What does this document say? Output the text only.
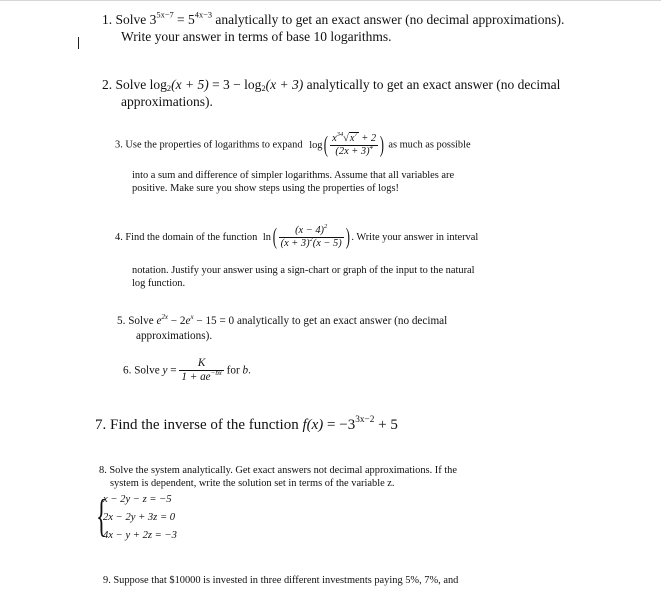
1. Solve $3^{5x-7} = 5^{4x-3}$ analytically to get an exact answer (no decimal approximations).
Write your answer in terms of base 10 logarithms.
2. Solve $\log_2(x + 5) = 3 - \log_2(x + 3)$ analytically to get an exact answer (no decimal
approximations).
3. Use the properties of logarithms to expand $\log( \frac{x^{34}√x^7 + 2}{(2x + 3)^4}$ ) as much as possible
into a sum and difference of simpler logarithms. Assume that all variables are
positive. Make sure you show steps using the properties of logs!
4. Find the domain of the function $\ln( \frac{(x - 4)^2}{(x + 3)^2(x - 5)}$ ) . Write your answer in interval
notation. Justify your answer using a sign-chart or graph of the input to the natural
log function.
5. Solve $e^{2x} - 2e^x - 15 = 0$ analytically to get an exact answer (no decimal
approximations).
6. Solve $y = \frac{K}{1 + ae^{-bx}}$ for b.
7. Find the inverse of the function $f(x) = -3^{3x-2} + 5$
8. Solve the system analytically. Get exact answers not decimal approximations. If the
system is dependent, write the solution set in terms of the variable z.
{
x − 2y − z = −5
2x − 2y + 3z = 0
4x − y + 2z = −3
9. Suppose that $10000 is invested in three different investments paying 5%, 7%, and
